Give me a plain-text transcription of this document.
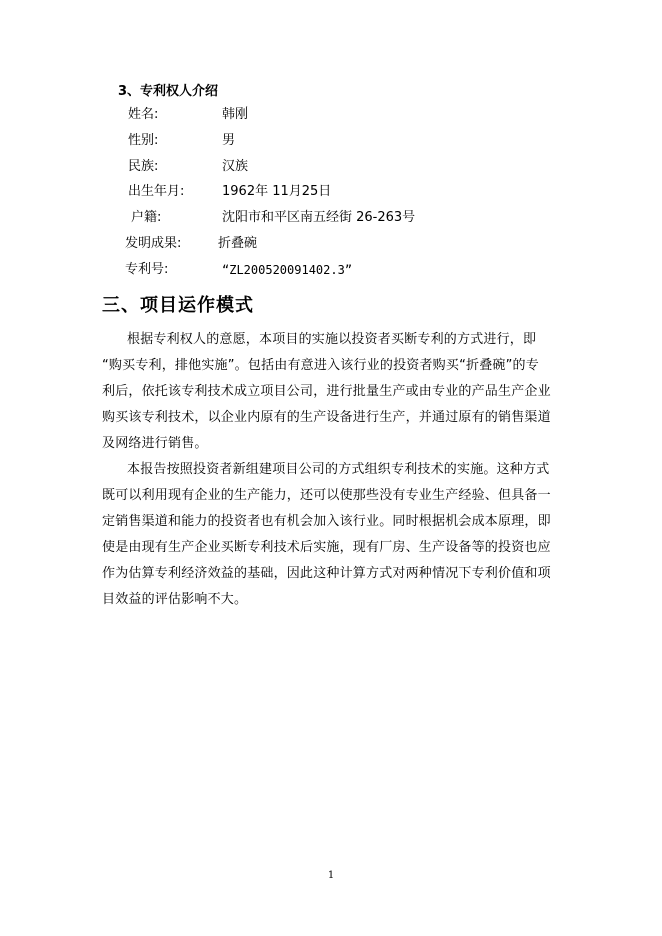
3、专利权人介绍
姓名:	韩刚
性别:	男
民族:	汉族
出生年月:	1962年 11月25日
户籍:	沈阳市和平区南五经街 26-263号
发明成果:	折叠碗
专利号:	“ZL200520091402.3”
三、项目运作模式
根据专利权人的意愿，本项目的实施以投资者买断专利的方式进行，即
“购买专利，排他实施”。包括由有意进入该行业的投资者购买“折叠碗”的专
利后，依托该专利技术成立项目公司，进行批量生产或由专业的产品生产企业
购买该专利技术，以企业内原有的生产设备进行生产，并通过原有的销售渠道
及网络进行销售。
本报告按照投资者新组建项目公司的方式组织专利技术的实施。这种方式
既可以利用现有企业的生产能力，还可以使那些没有专业生产经验、但具备一
定销售渠道和能力的投资者也有机会加入该行业。同时根据机会成本原理，即
使是由现有生产企业买断专利技术后实施，现有厂房、生产设备等的投资也应
作为估算专利经济效益的基础，因此这种计算方式对两种情况下专利价值和项
目效益的评估影响不大。
1
